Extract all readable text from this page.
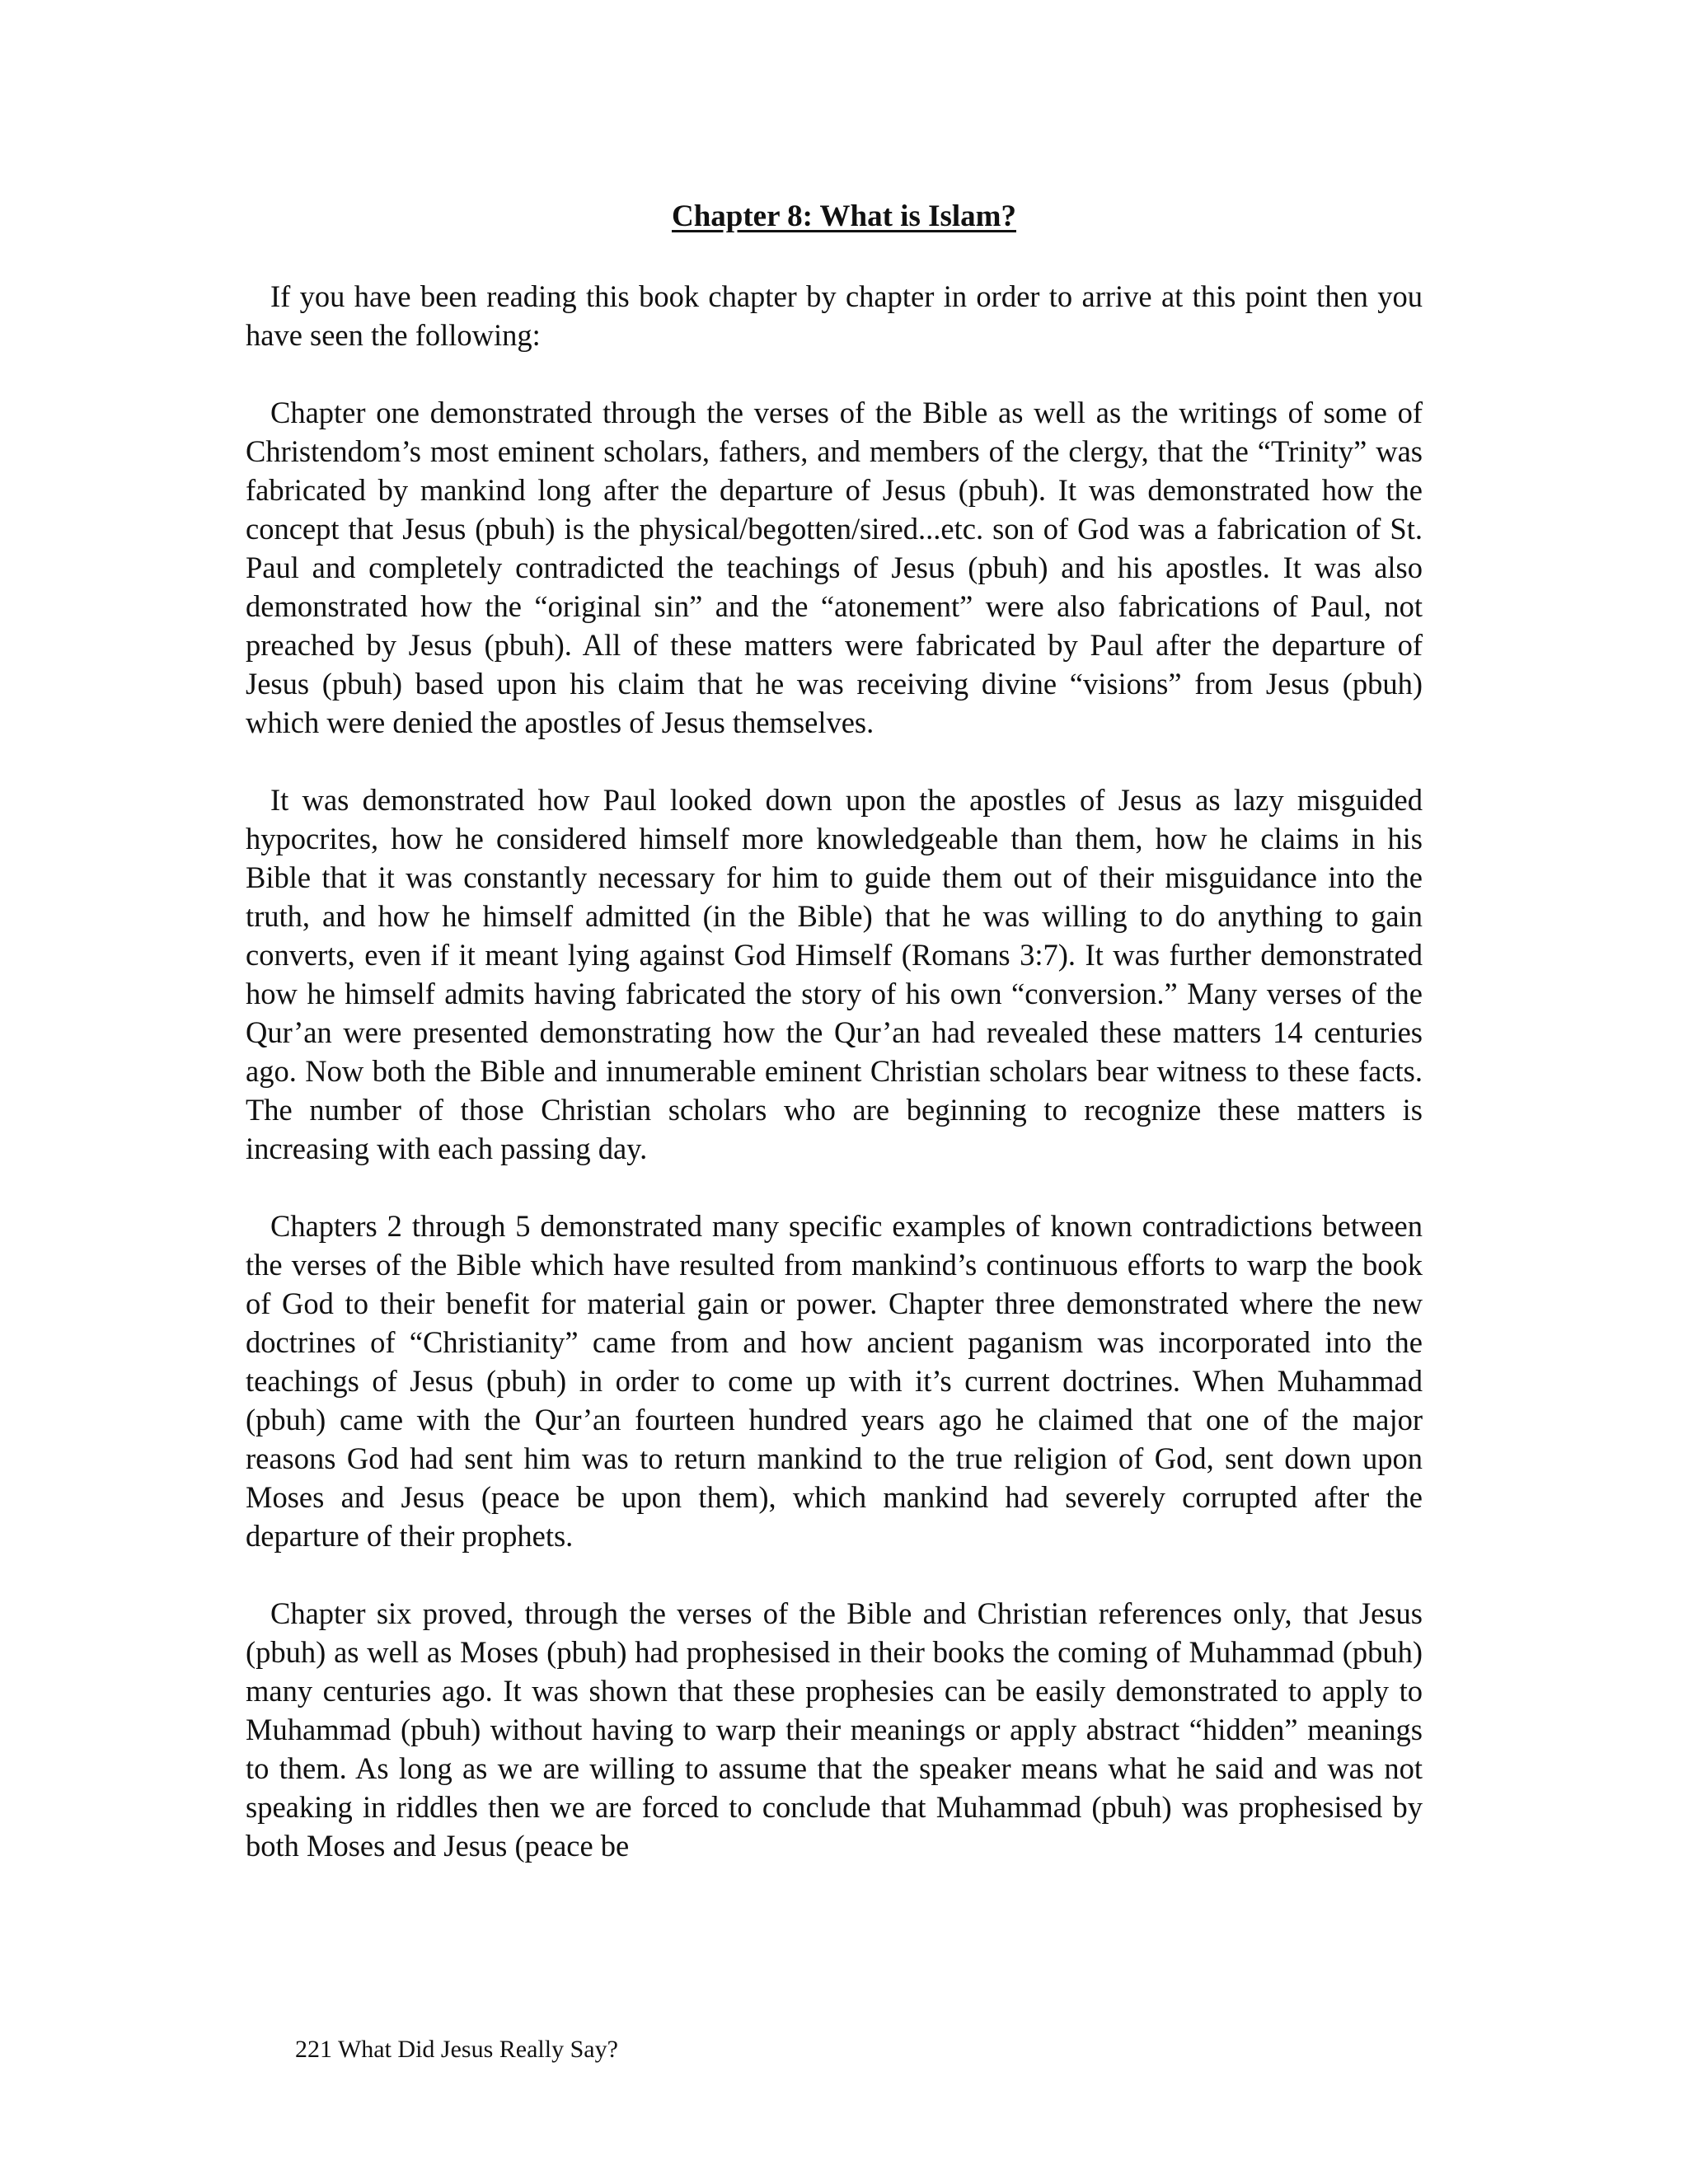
Chapter 8: What is Islam?

If you have been reading this book chapter by chapter in order to arrive at this point then you have seen the following:

Chapter one demonstrated through the verses of the Bible as well as the writings of some of Christendom’s most eminent scholars, fathers, and members of the clergy, that the “Trinity” was fabricated by mankind long after the departure of Jesus (pbuh). It was demonstrated how the concept that Jesus (pbuh) is the physical/begotten/sired...etc. son of God was a fabrication of St. Paul and completely contradicted the teachings of Jesus (pbuh) and his apostles. It was also demonstrated how the “original sin” and the “atonement” were also fabrications of Paul, not preached by Jesus (pbuh). All of these matters were fabricated by Paul after the departure of Jesus (pbuh) based upon his claim that he was receiving divine “visions” from Jesus (pbuh) which were denied the apostles of Jesus themselves.

It was demonstrated how Paul looked down upon the apostles of Jesus as lazy misguided hypocrites, how he considered himself more knowledgeable than them, how he claims in his Bible that it was constantly necessary for him to guide them out of their misguidance into the truth, and how he himself admitted (in the Bible) that he was willing to do anything to gain converts, even if it meant lying against God Himself (Romans 3:7). It was further demonstrated how he himself admits having fabricated the story of his own “conversion.” Many verses of the Qur’an were presented demonstrating how the Qur’an had revealed these matters 14 centuries ago. Now both the Bible and innumerable eminent Christian scholars bear witness to these facts. The number of those Christian scholars who are beginning to recognize these matters is increasing with each passing day.

Chapters 2 through 5 demonstrated many specific examples of known contradictions between the verses of the Bible which have resulted from mankind’s continuous efforts to warp the book of God to their benefit for material gain or power. Chapter three demonstrated where the new doctrines of “Christianity” came from and how ancient paganism was incorporated into the teachings of Jesus (pbuh) in order to come up with it’s current doctrines. When Muhammad (pbuh) came with the Qur’an fourteen hundred years ago he claimed that one of the major reasons God had sent him was to return mankind to the true religion of God, sent down upon Moses and Jesus (peace be upon them), which mankind had severely corrupted after the departure of their prophets.

Chapter six proved, through the verses of the Bible and Christian references only, that Jesus (pbuh) as well as Moses (pbuh) had prophesised in their books the coming of Muhammad (pbuh) many centuries ago. It was shown that these prophesies can be easily demonstrated to apply to Muhammad (pbuh) without having to warp their meanings or apply abstract “hidden” meanings to them. As long as we are willing to assume that the speaker means what he said and was not speaking in riddles then we are forced to conclude that Muhammad (pbuh) was prophesised by both Moses and Jesus (peace be

221 What Did Jesus Really Say?
